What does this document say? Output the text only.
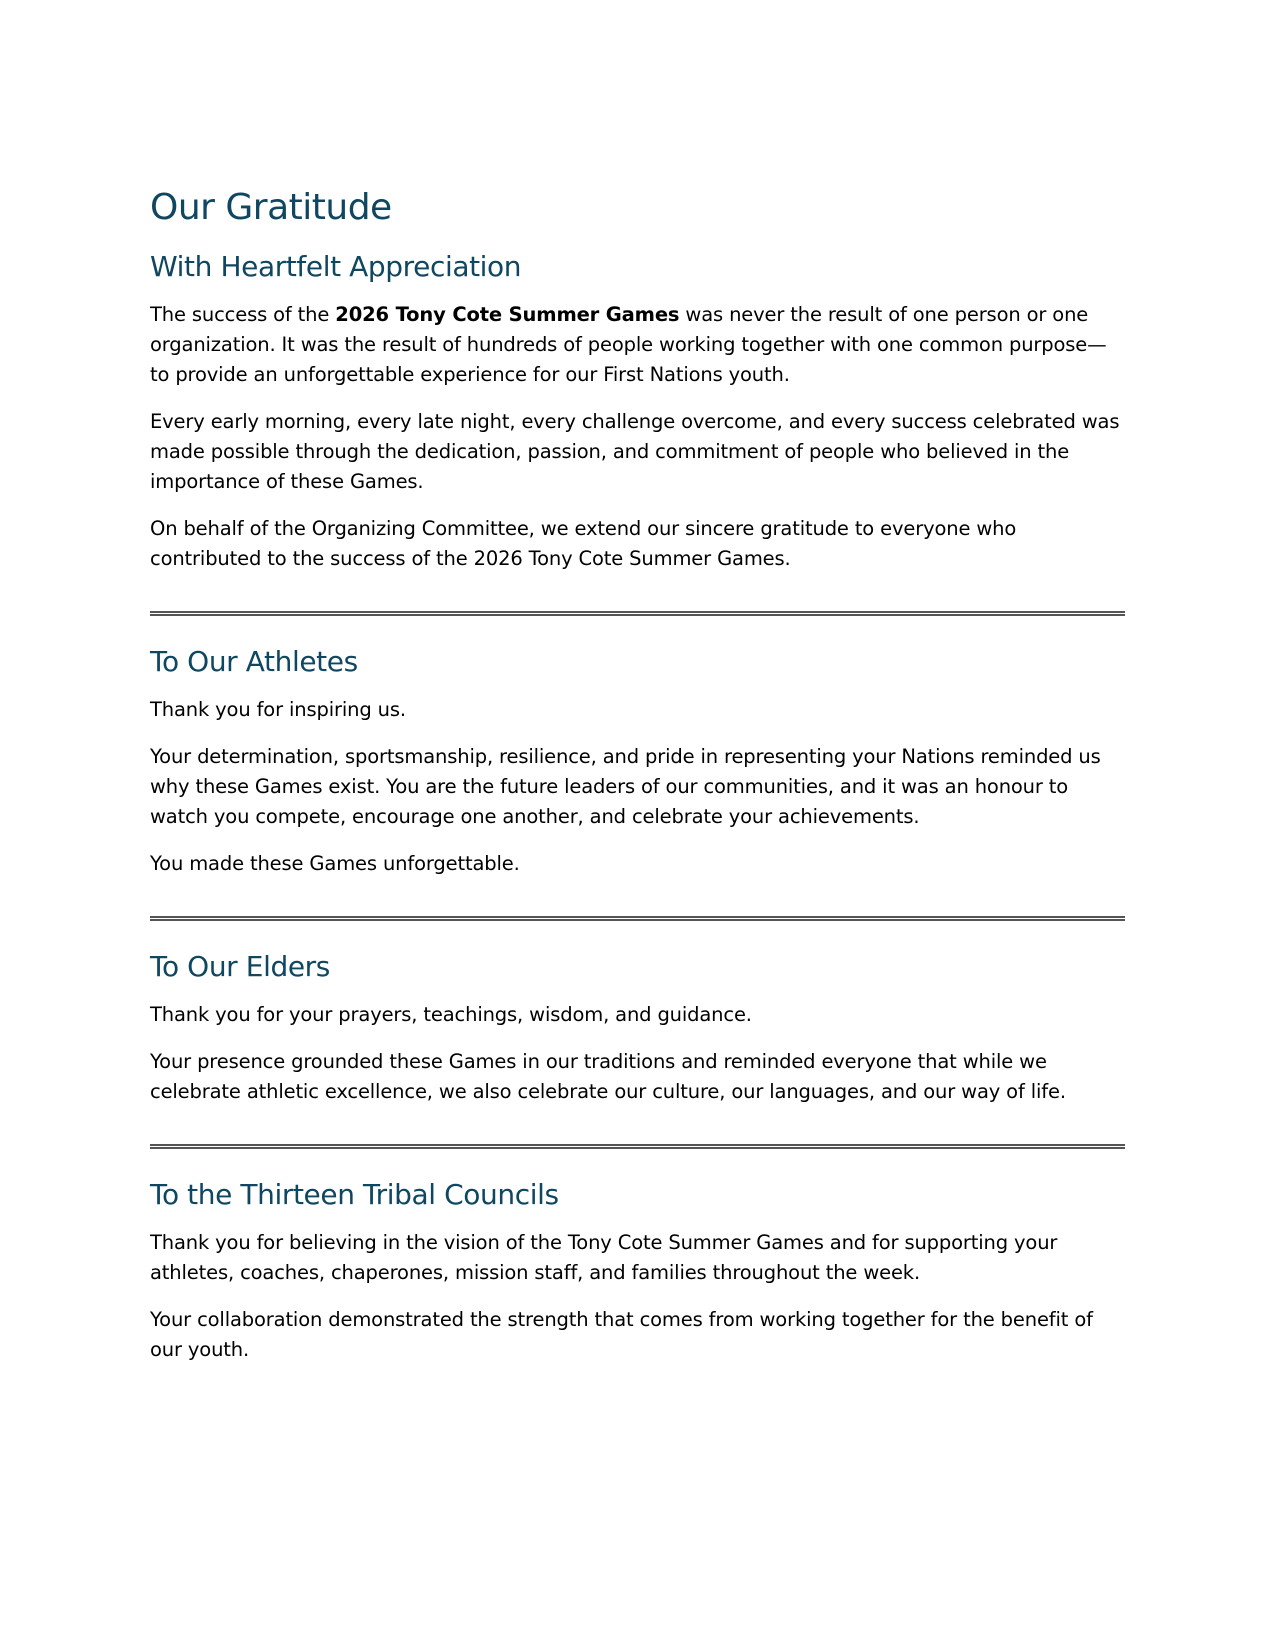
Our Gratitude
With Heartfelt Appreciation

The success of the 2026 Tony Cote Summer Games was never the result of one person or one organization. It was the result of hundreds of people working together with one common purpose—to provide an unforgettable experience for our First Nations youth.

Every early morning, every late night, every challenge overcome, and every success celebrated was made possible through the dedication, passion, and commitment of people who believed in the importance of these Games.

On behalf of the Organizing Committee, we extend our sincere gratitude to everyone who contributed to the success of the 2026 Tony Cote Summer Games.

To Our Athletes

Thank you for inspiring us.

Your determination, sportsmanship, resilience, and pride in representing your Nations reminded us why these Games exist. You are the future leaders of our communities, and it was an honour to watch you compete, encourage one another, and celebrate your achievements.

You made these Games unforgettable.

To Our Elders

Thank you for your prayers, teachings, wisdom, and guidance.

Your presence grounded these Games in our traditions and reminded everyone that while we celebrate athletic excellence, we also celebrate our culture, our languages, and our way of life.

To the Thirteen Tribal Councils

Thank you for believing in the vision of the Tony Cote Summer Games and for supporting your athletes, coaches, chaperones, mission staff, and families throughout the week.

Your collaboration demonstrated the strength that comes from working together for the benefit of our youth.
